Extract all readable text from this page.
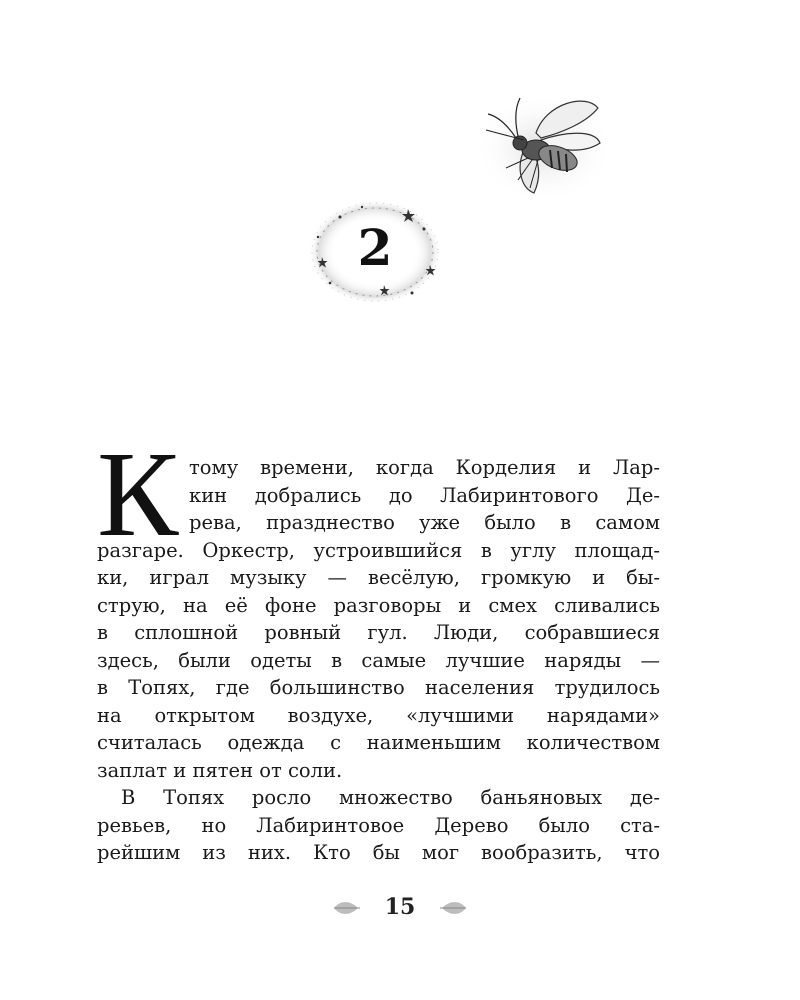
2
К тому времени, когда Корделия и Лар-
кин добрались до Лабиринтового Де-
рева, празднество уже было в самом
разгаре. Оркестр, устроившийся в углу площад-
ки, играл музыку — весёлую, громкую и бы-
струю, на её фоне разговоры и смех сливались
в сплошной ровный гул. Люди, собравшиеся
здесь, были одеты в самые лучшие наряды —
в Топях, где большинство населения трудилось
на открытом воздухе, «лучшими нарядами»
считалась одежда с наименьшим количеством
заплат и пятен от соли.
В Топях росло множество баньяновых де-
ревьев, но Лабиринтовое Дерево было ста-
рейшим из них. Кто бы мог вообразить, что
15
